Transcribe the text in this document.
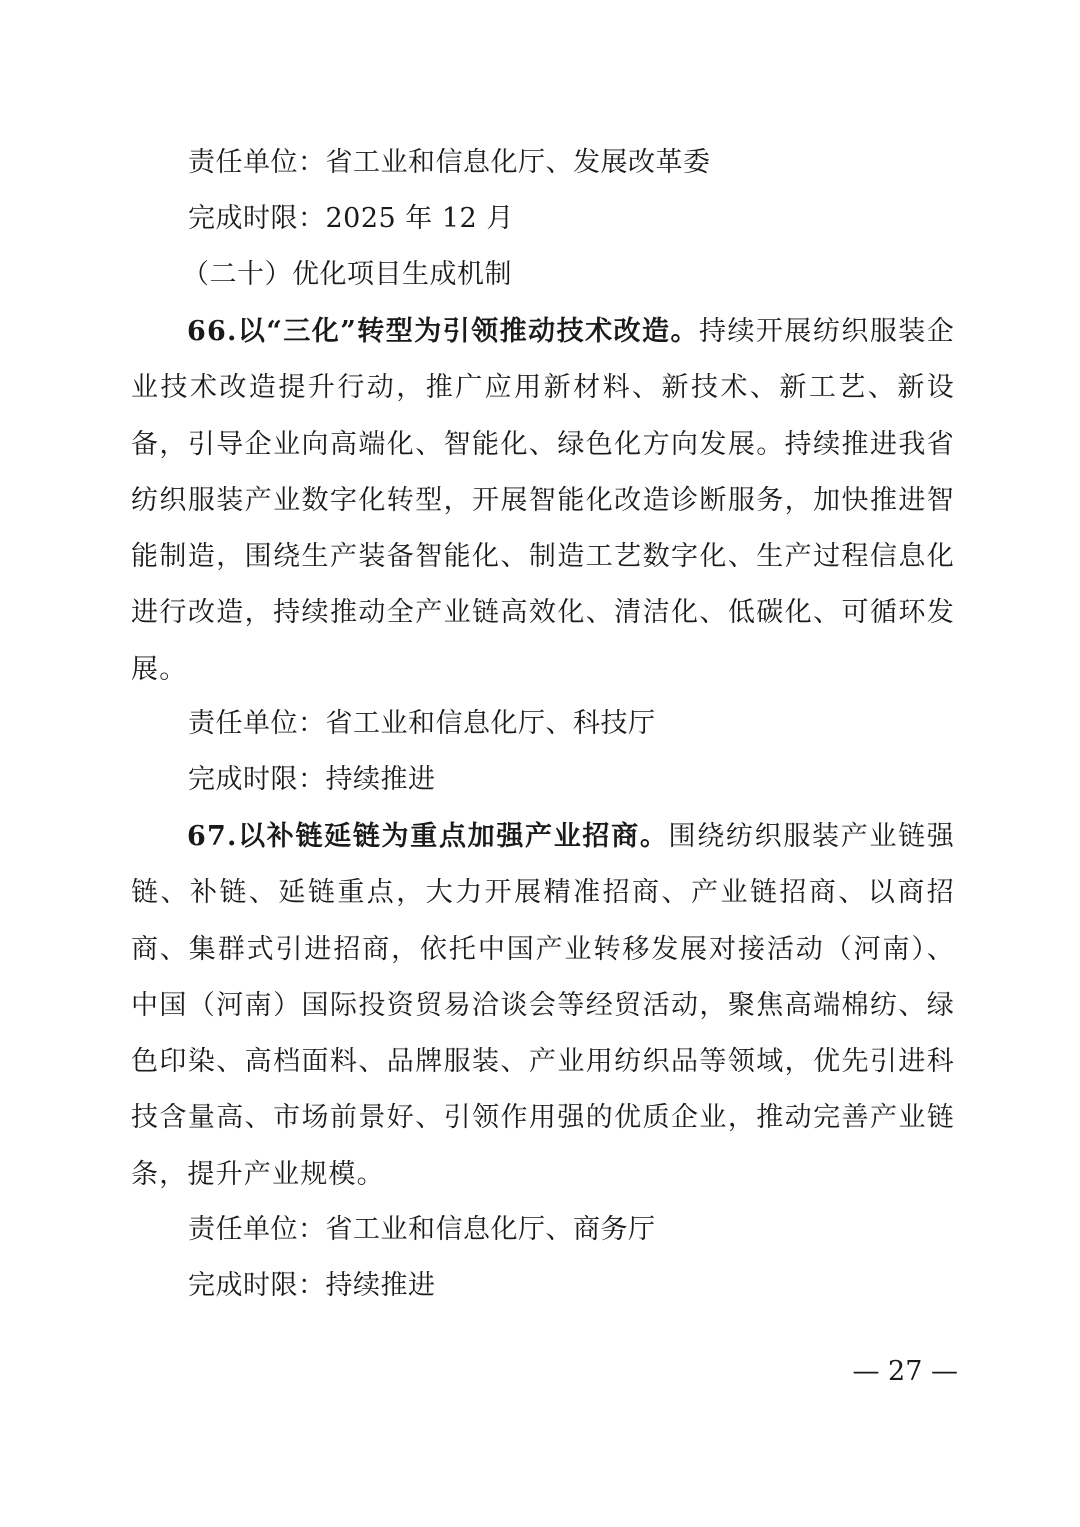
责任单位：省工业和信息化厅、发展改革委
完成时限：2025 年 12 月
（二十）优化项目生成机制

66.以“三化”转型为引领推动技术改造。持续开展纺织服装企业技术改造提升行动，推广应用新材料、新技术、新工艺、新设备，引导企业向高端化、智能化、绿色化方向发展。持续推进我省纺织服装产业数字化转型，开展智能化改造诊断服务，加快推进智能制造，围绕生产装备智能化、制造工艺数字化、生产过程信息化进行改造，持续推动全产业链高效化、清洁化、低碳化、可循环发展。

责任单位：省工业和信息化厅、科技厅
完成时限：持续推进

67.以补链延链为重点加强产业招商。围绕纺织服装产业链强链、补链、延链重点，大力开展精准招商、产业链招商、以商招商、集群式引进招商，依托中国产业转移发展对接活动（河南）、中国（河南）国际投资贸易洽谈会等经贸活动，聚焦高端棉纺、绿色印染、高档面料、品牌服装、产业用纺织品等领域，优先引进科技含量高、市场前景好、引领作用强的优质企业，推动完善产业链条，提升产业规模。

责任单位：省工业和信息化厅、商务厅
完成时限：持续推进
— 27 —
